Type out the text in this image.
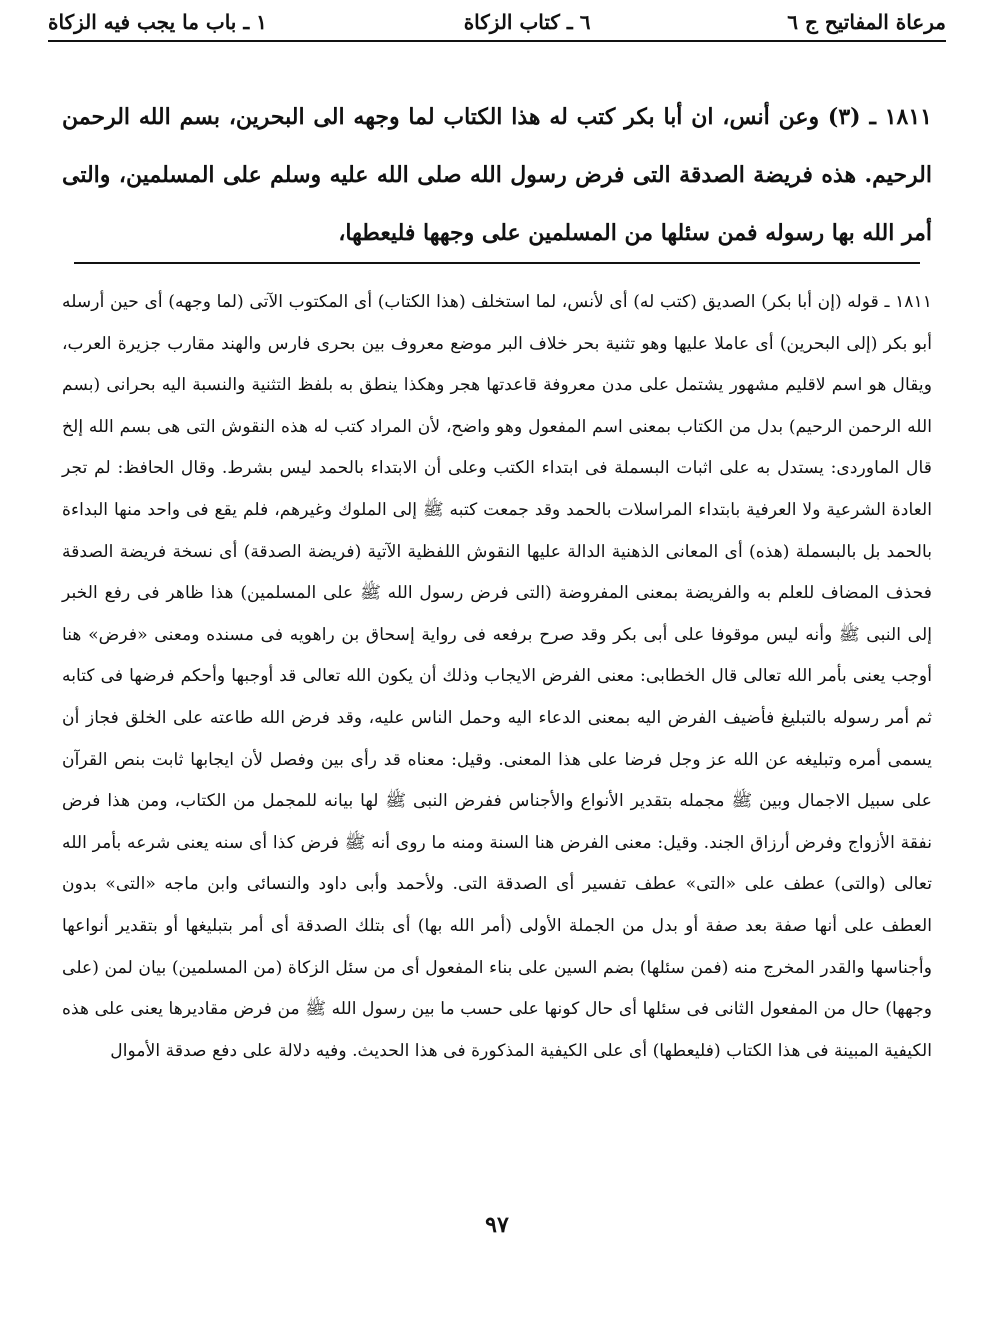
مرعاة المفاتيح ج ٦
٦ ـ كتاب الزكاة
١ ـ باب ما يجب فيه الزكاة
١٨١١ ـ (٣) وعن أنس، ان أبا بكر كتب له هذا الكتاب لما وجهه الى البحرين، بسم الله الرحمن الرحيم. هذه فريضة الصدقة التى فرض رسول الله صلى الله عليه وسلم على المسلمين، والتى أمر الله بها رسوله فمن سئلها من المسلمين على وجهها فليعطها،

١٨١١ ـ قوله (إن أبا بكر) الصديق (كتب له) أى لأنس، لما استخلف (هذا الكتاب) أى المكتوب الآتى (لما وجهه) أى حين أرسله أبو بكر (إلى البحرين) أى عاملا عليها وهو تثنية بحر خلاف البر موضع معروف بين بحرى فارس والهند مقارب جزيرة العرب، ويقال هو اسم لاقليم مشهور يشتمل على مدن معروفة قاعدتها هجر وهكذا ينطق به بلفظ التثنية والنسبة اليه بحرانى (بسم الله الرحمن الرحيم) بدل من الكتاب بمعنى اسم المفعول وهو واضح، لأن المراد كتب له هذه النقوش التى هى بسم الله إلخ قال الماوردى: يستدل به على اثبات البسملة فى ابتداء الكتب وعلى أن الابتداء بالحمد ليس بشرط. وقال الحافظ: لم تجر العادة الشرعية ولا العرفية بابتداء المراسلات بالحمد وقد جمعت كتبه ﷺ إلى الملوك وغيرهم، فلم يقع فى واحد منها البداءة بالحمد بل بالبسملة (هذه) أى المعانى الذهنية الدالة عليها النقوش اللفظية الآتية (فريضة الصدقة) أى نسخة فريضة الصدقة فحذف المضاف للعلم به والفريضة بمعنى المفروضة (التى فرض رسول الله ﷺ على المسلمين) هذا ظاهر فى رفع الخبر إلى النبى ﷺ وأنه ليس موقوفا على أبى بكر وقد صرح برفعه فى رواية إسحاق بن راهويه فى مسنده ومعنى «فرض» هنا أوجب يعنى بأمر الله تعالى قال الخطابى: معنى الفرض الايجاب وذلك أن يكون الله تعالى قد أوجبها وأحكم فرضها فى كتابه ثم أمر رسوله بالتبليغ فأضيف الفرض اليه بمعنى الدعاء اليه وحمل الناس عليه، وقد فرض الله طاعته على الخلق فجاز أن يسمى أمره وتبليغه عن الله عز وجل فرضا على هذا المعنى. وقيل: معناه قد رأى بين وفصل لأن ايجابها ثابت بنص القرآن على سبيل الاجمال وبين ﷺ مجمله بتقدير الأنواع والأجناس ففرض النبى ﷺ لها بيانه للمجمل من الكتاب، ومن هذا فرض نفقة الأزواج وفرض أرزاق الجند. وقيل: معنى الفرض هنا السنة ومنه ما روى أنه ﷺ فرض كذا أى سنه يعنى شرعه بأمر الله تعالى (والتى) عطف على «التى» عطف تفسير أى الصدقة التى. ولأحمد وأبى داود والنسائى وابن ماجه «التى» بدون العطف على أنها صفة بعد صفة أو بدل من الجملة الأولى (أمر الله بها) أى بتلك الصدقة أى أمر بتبليغها أو بتقدير أنواعها وأجناسها والقدر المخرج منه (فمن سئلها) بضم السين على بناء المفعول أى من سئل الزكاة (من المسلمين) بيان لمن (على وجهها) حال من المفعول الثانى فى سئلها أى حال كونها على حسب ما بين رسول الله ﷺ من فرض مقاديرها يعنى على هذه الكيفية المبينة فى هذا الكتاب (فليعطها) أى على الكيفية المذكورة فى هذا الحديث. وفيه دلالة على دفع صدقة الأموال

٩٧
